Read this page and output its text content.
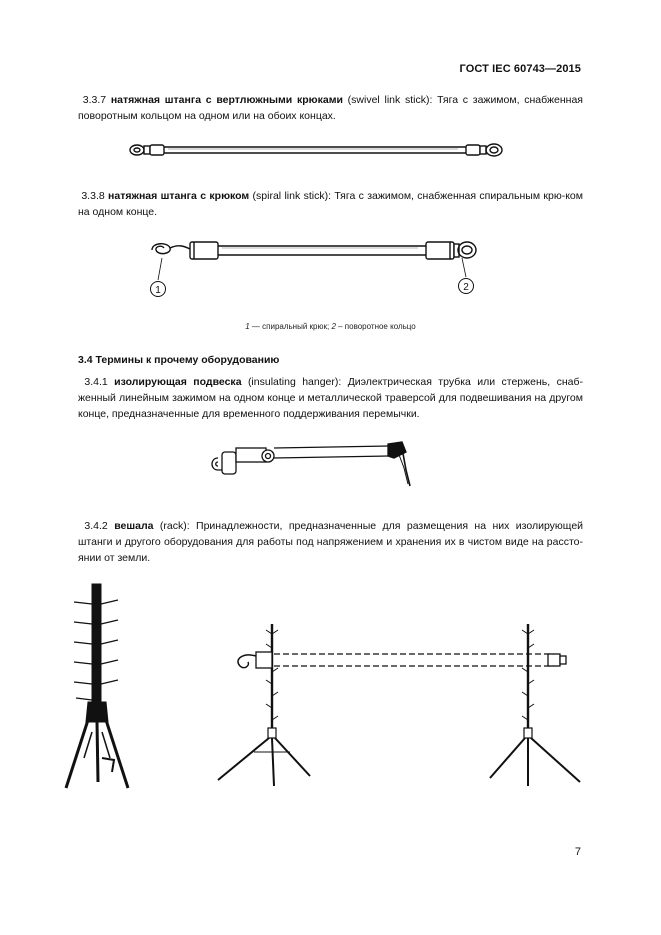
ГОСТ IEC 60743—2015
3.3.7 натяжная штанга с вертлюжными крюками (swivel link stick): Тяга с зажимом, снабженная поворотным кольцом на одном или на обоих концах.
3.3.8 натяжная штанга с крюком (spiral link stick): Тяга с зажимом, снабженная спиральным крю-ком на одном конце.
1	2
1 — спиральный крюк; 2 – поворотное кольцо
3.4 Термины к прочему оборудованию
3.4.1 изолирующая подвеска (insulating hanger): Диэлектрическая трубка или стержень, снаб-женный линейным зажимом на одном конце и металлической траверсой для подвешивания на другом конце, предназначенные для временного поддерживания перемычки.
3.4.2 вешала (rack): Принадлежности, предназначенные для размещения на них изолирующей штанги и другого оборудования для работы под напряжением и хранения их в чистом виде на рассто-янии от земли.
7
